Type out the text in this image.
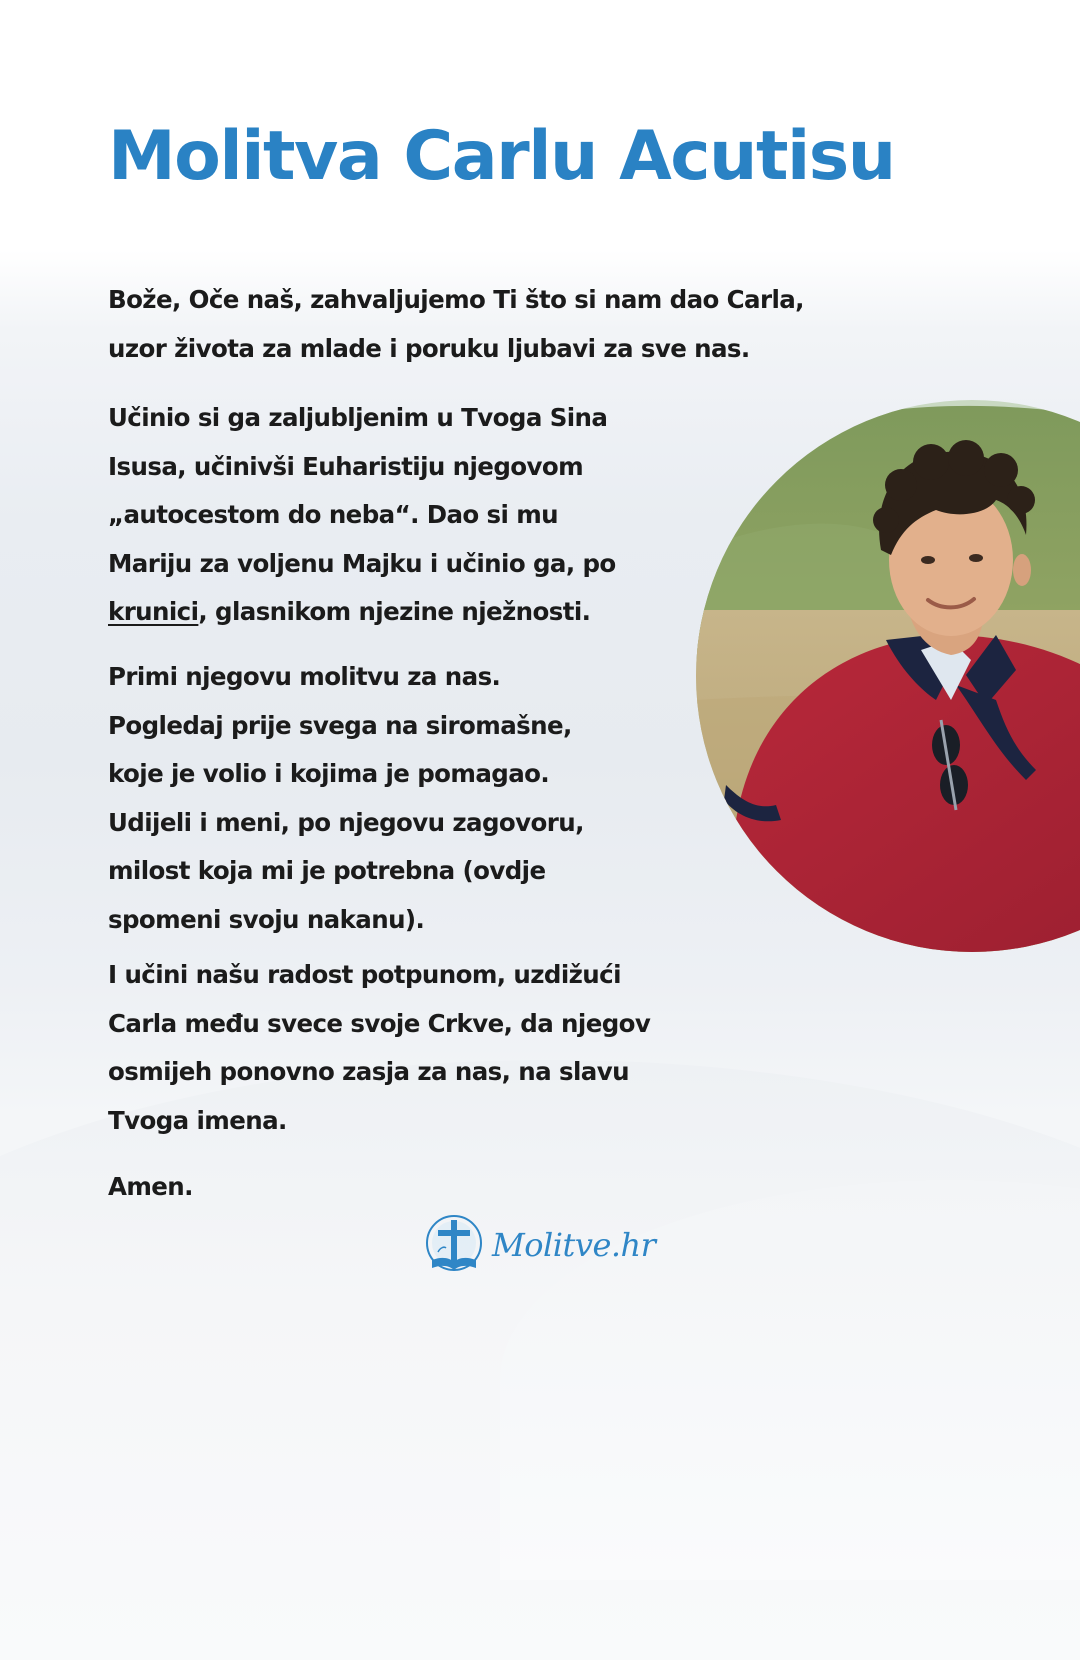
Molitva Carlu Acutisu

Bože, Oče naš, zahvaljujemo Ti što si nam dao Carla,
uzor života za mlade i poruku ljubavi za sve nas.

Učinio si ga zaljubljenim u Tvoga Sina
Isusa, učinivši Euharistiju njegovom
„autocestom do neba“. Dao si mu
Mariju za voljenu Majku i učinio ga, po
krunici, glasnikom njezine nježnosti.

Primi njegovu molitvu za nas.
Pogledaj prije svega na siromašne,
koje je volio i kojima je pomagao.
Udijeli i meni, po njegovu zagovoru,
milost koja mi je potrebna (ovdje
spomeni svoju nakanu).

I učini našu radost potpunom, uzdižući
Carla među svece svoje Crkve, da njegov
osmijeh ponovno zasja za nas, na slavu
Tvoga imena.

Amen.

Molitve.hr
